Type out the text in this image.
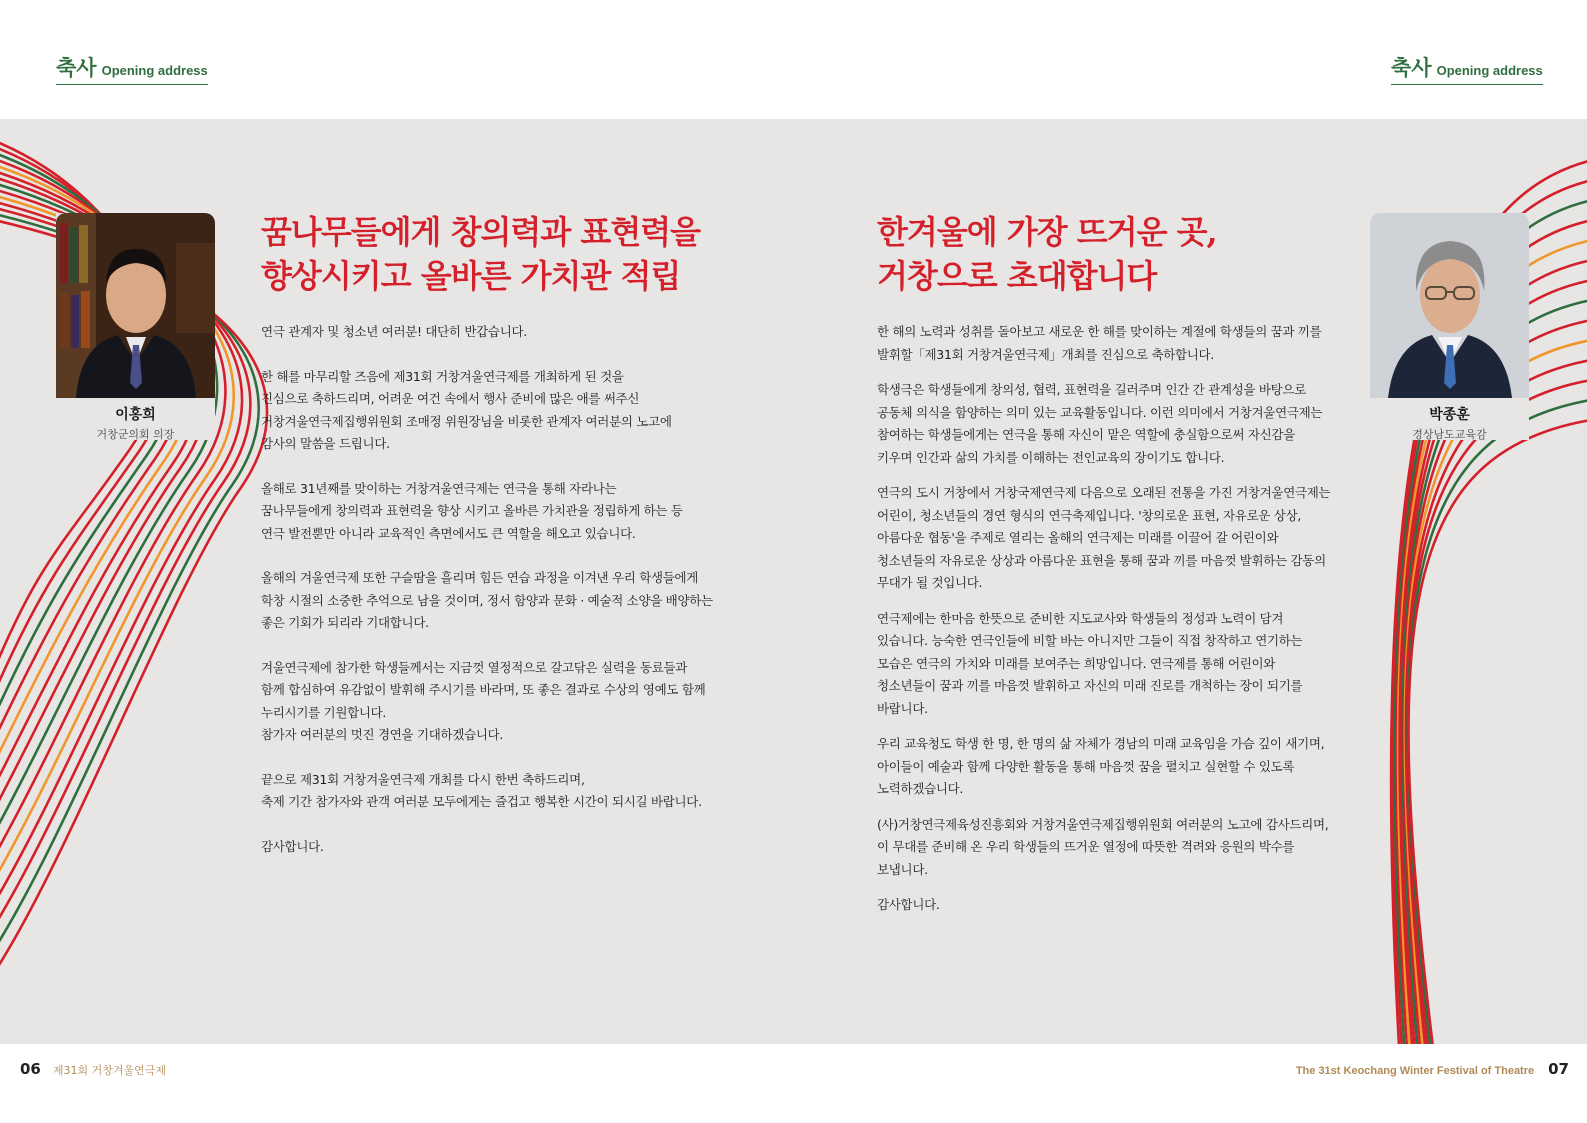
축사 Opening address	축사 Opening address
이홍희
거창군의회 의장
박종훈
경상남도교육감
꿈나무들에게 창의력과 표현력을
향상시키고 올바른 가치관 적립
한겨울에 가장 뜨거운 곳,
거창으로 초대합니다

연극 관계자 및 청소년 여러분! 대단히 반갑습니다.

한 해를 마무리할 즈음에 제31회 거창겨울연극제를 개최하게 된 것을
진심으로 축하드리며, 어려운 여건 속에서 행사 준비에 많은 애를 써주신
거창겨울연극제집행위원회 조매정 위원장님을 비롯한 관계자 여러분의 노고에
감사의 말씀을 드립니다.

올해로 31년째를 맞이하는 거창겨울연극제는 연극을 통해 자라나는
꿈나무들에게 창의력과 표현력을 향상 시키고 올바른 가치관을 정립하게 하는 등
연극 발전뿐만 아니라 교육적인 측면에서도 큰 역할을 해오고 있습니다.

올해의 겨울연극제 또한 구슬땀을 흘리며 힘든 연습 과정을 이겨낸 우리 학생들에게
학창 시절의 소중한 추억으로 남을 것이며, 정서 함양과 문화 · 예술적 소양을 배양하는
좋은 기회가 되리라 기대합니다.

겨울연극제에 참가한 학생들께서는 지금껏 열정적으로 갈고닦은 실력을 동료들과
함께 합심하여 유감없이 발휘해 주시기를 바라며, 또 좋은 결과로 수상의 영예도 함께
누리시기를 기원합니다.
참가자 여러분의 멋진 경연을 기대하겠습니다.

끝으로 제31회 거창겨울연극제 개최를 다시 한번 축하드리며,
축제 기간 참가자와 관객 여러분 모두에게는 즐겁고 행복한 시간이 되시길 바랍니다.

감사합니다.

한 해의 노력과 성취를 돌아보고 새로운 한 해를 맞이하는 계절에 학생들의 꿈과 끼를
발휘할「제31회 거창겨울연극제」개최를 진심으로 축하합니다.

학생극은 학생들에게 창의성, 협력, 표현력을 길러주며 인간 간 관계성을 바탕으로
공동체 의식을 함양하는 의미 있는 교육활동입니다. 이런 의미에서 거창겨울연극제는
참여하는 학생들에게는 연극을 통해 자신이 맡은 역할에 충실함으로써 자신감을
키우며 인간과 삶의 가치를 이해하는 전인교육의 장이기도 합니다.

연극의 도시 거창에서 거창국제연극제 다음으로 오래된 전통을 가진 거창겨울연극제는
어린이, 청소년들의 경연 형식의 연극축제입니다. '창의로운 표현, 자유로운 상상,
아름다운 협동'을 주제로 열리는 올해의 연극제는 미래를 이끌어 갈 어린이와
청소년들의 자유로운 상상과 아름다운 표현을 통해 꿈과 끼를 마음껏 발휘하는 감동의
무대가 될 것입니다.

연극제에는 한마음 한뜻으로 준비한 지도교사와 학생들의 정성과 노력이 담겨
있습니다. 능숙한 연극인들에 비할 바는 아니지만 그들이 직접 창작하고 연기하는
모습은 연극의 가치와 미래를 보여주는 희망입니다. 연극제를 통해 어린이와
청소년들이 꿈과 끼를 마음껏 발휘하고 자신의 미래 진로를 개척하는 장이 되기를
바랍니다.

우리 교육청도 학생 한 명, 한 명의 삶 자체가 경남의 미래 교육임을 가슴 깊이 새기며,
아이들이 예술과 함께 다양한 활동을 통해 마음껏 꿈을 펼치고 실현할 수 있도록
노력하겠습니다.

(사)거창연극제육성진흥회와 거창겨울연극제집행위원회 여러분의 노고에 감사드리며,
이 무대를 준비해 온 우리 학생들의 뜨거운 열정에 따뜻한 격려와 응원의 박수를
보냅니다.

감사합니다.

06 제31회 거창겨울연극제	The 31st Keochang Winter Festival of Theatre 07
